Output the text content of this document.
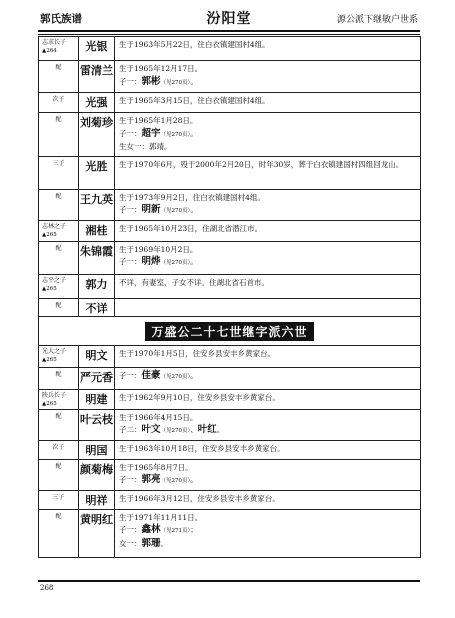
郭氏族谱	汾阳堂	源公派下继敏户世系
志求长子
▲264	光银	生于1963年5月22日，住白衣镇建国村4组。

配	雷清兰	生于1965年12月17日。
子一：郭彬（见270页）。

次子	光强	生于1965年3月15日，住白衣镇建国村4组。

配	刘菊珍	生于1965年1月28日。
子一：超宇（见270页）。
生女一：郭靖。

三子	光胜	生于1970年6月，殁于2000年2月20日，时年30岁，葬于白衣镇建国村四组回龙山。

配	王九英	生于1973年9月2日，住白衣镇建国村4组。
子一：明新（见270页）。

志林之子
▲265	湘桂	生于1965年10月23日，住湖北省潜江市。

配	朱锦霞	生于1969年10月2日。
子一：明烨（见270页）。

志平之子
▲265	郭力	不详，有妻室，子女不详。住湖北省石首市。

配	不详	
万盛公二十七世继字派六世		

光大之子
▲265	明文	生于1970年1月5日，住安乡县安丰乡黄家台。

配	严元香	子一：佳豪（见270页）。

陕兵长子
▲265	明建	生于1962年9月10日，住安乡县安丰乡黄家台。

配	叶云枝	生于1966年4月15日。
子二：叶文（见270页）、叶红。

次子	明国	生于1963年10月18日，住安乡县安丰乡黄家台。

配	颜菊梅	生于1965年8月7日。
子一：郭亮（见270页）。

三子	明祥	生于1966年3月12日，住安乡县安丰乡黄家台。

配	黄明红	生于1971年11月11日。
子一：鑫林（见271页）；
女一：郭珊。
268
